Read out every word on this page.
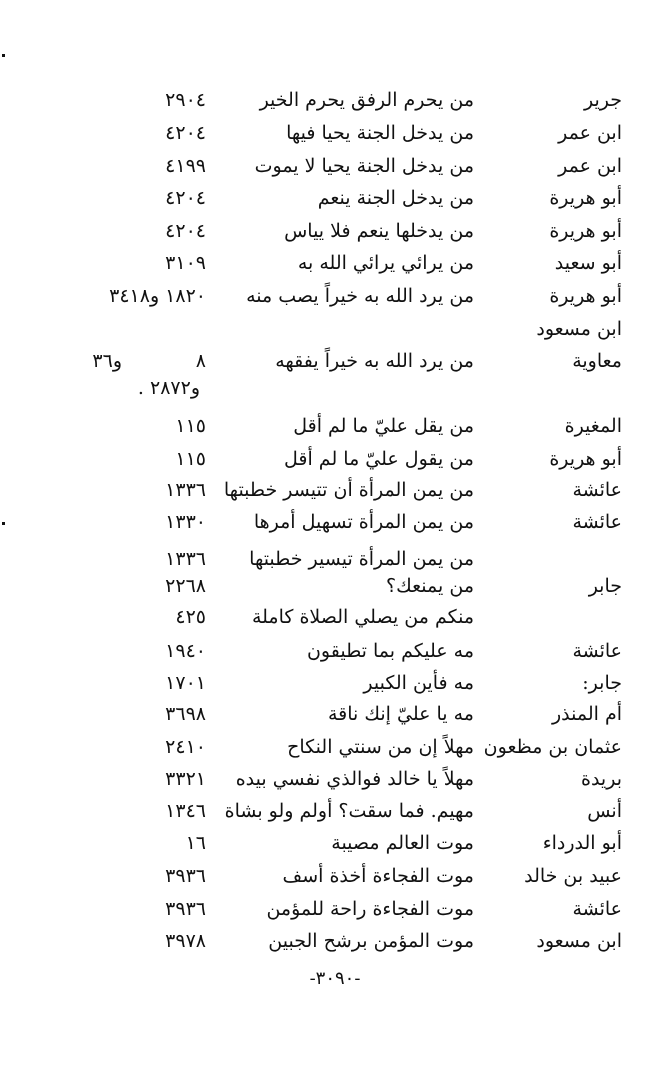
جرير
من يحرم الرفق يحرم الخير
٢٩٠٤
ابن عمر
من يدخل الجنة يحيا فيها
٤٢٠٤
ابن عمر
من يدخل الجنة يحيا لا يموت
٤١٩٩
أبو هريرة
من يدخل الجنة ينعم
٤٢٠٤
أبو هريرة
من يدخلها ينعم فلا يياس
٤٢٠٤
أبو سعيد
من يرائي يرائي الله به
٣١٠٩
أبو هريرة
من يرد الله به خيراً يصب منه
١٨٢٠ و٣٤١٨
ابن مسعود
معاوية
من يرد الله به خيراً يفقهه
٨
و٣٦
و٢٨٧٢ .
المغيرة
من يقل عليّ ما لم أقل
١١٥
أبو هريرة
من يقول عليّ ما لم أقل
١١٥
عائشة
من يمن المرأة أن تتيسر خطبتها
١٣٣٦
عائشة
من يمن المرأة تسهيل أمرها
١٣٣٠
من يمن المرأة تيسير خطبتها
١٣٣٦
جابر
من يمنعك؟
٢٢٦٨
منكم من يصلي الصلاة كاملة
٤٢٥
عائشة
مه عليكم بما تطيقون
١٩٤٠
جابر:
مه فأين الكبير
١٧٠١
أم المنذر
مه يا عليّ إنك ناقة
٣٦٩٨
عثمان بن مظعون
مهلاً إن من سنتي النكاح
٢٤١٠
بريدة
مهلاً يا خالد فوالذي نفسي بيده
٣٣٢١
أنس
مهيم. فما سقت؟ أولم ولو بشاة
١٣٤٦
أبو الدرداء
موت العالم مصيبة
١٦
عبيد بن خالد
موت الفجاءة أخذة أسف
٣٩٣٦
عائشة
موت الفجاءة راحة للمؤمن
٣٩٣٦
ابن مسعود
موت المؤمن برشح الجبين
٣٩٧٨
-٣٠٩٠-
